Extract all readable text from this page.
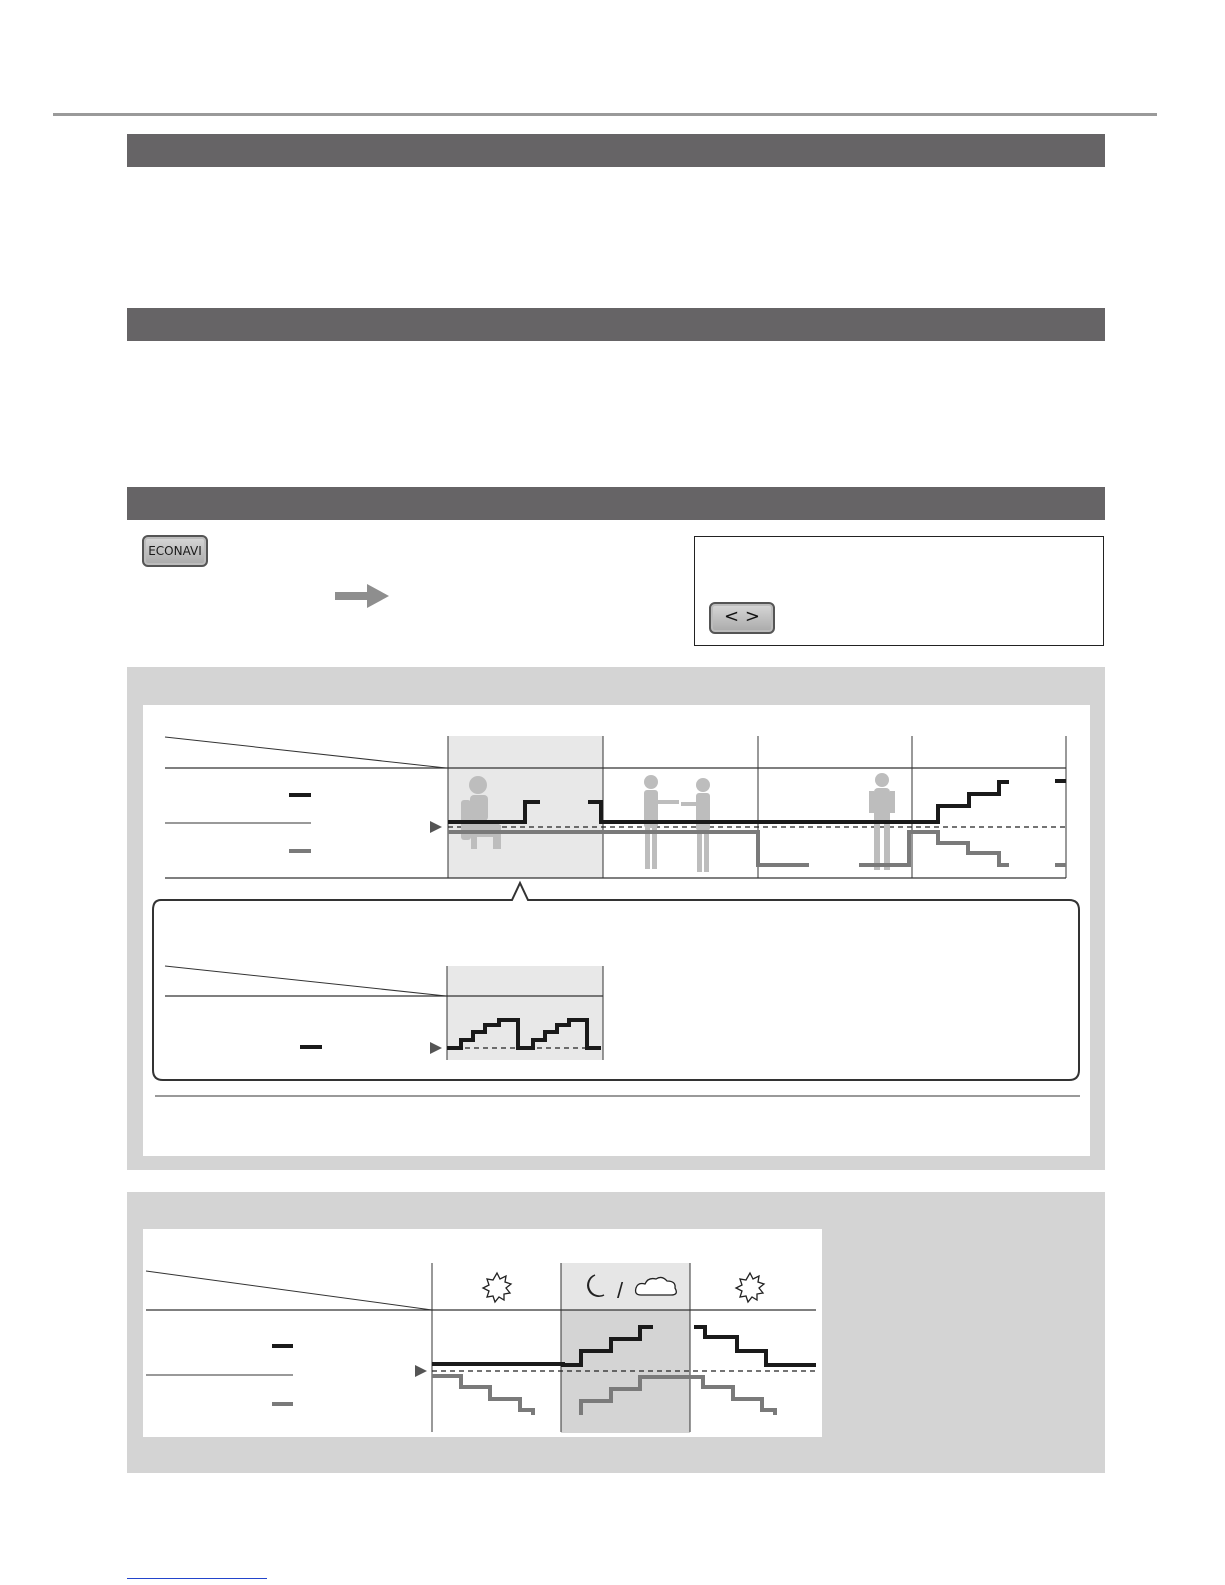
ECONAVI
< >
/
